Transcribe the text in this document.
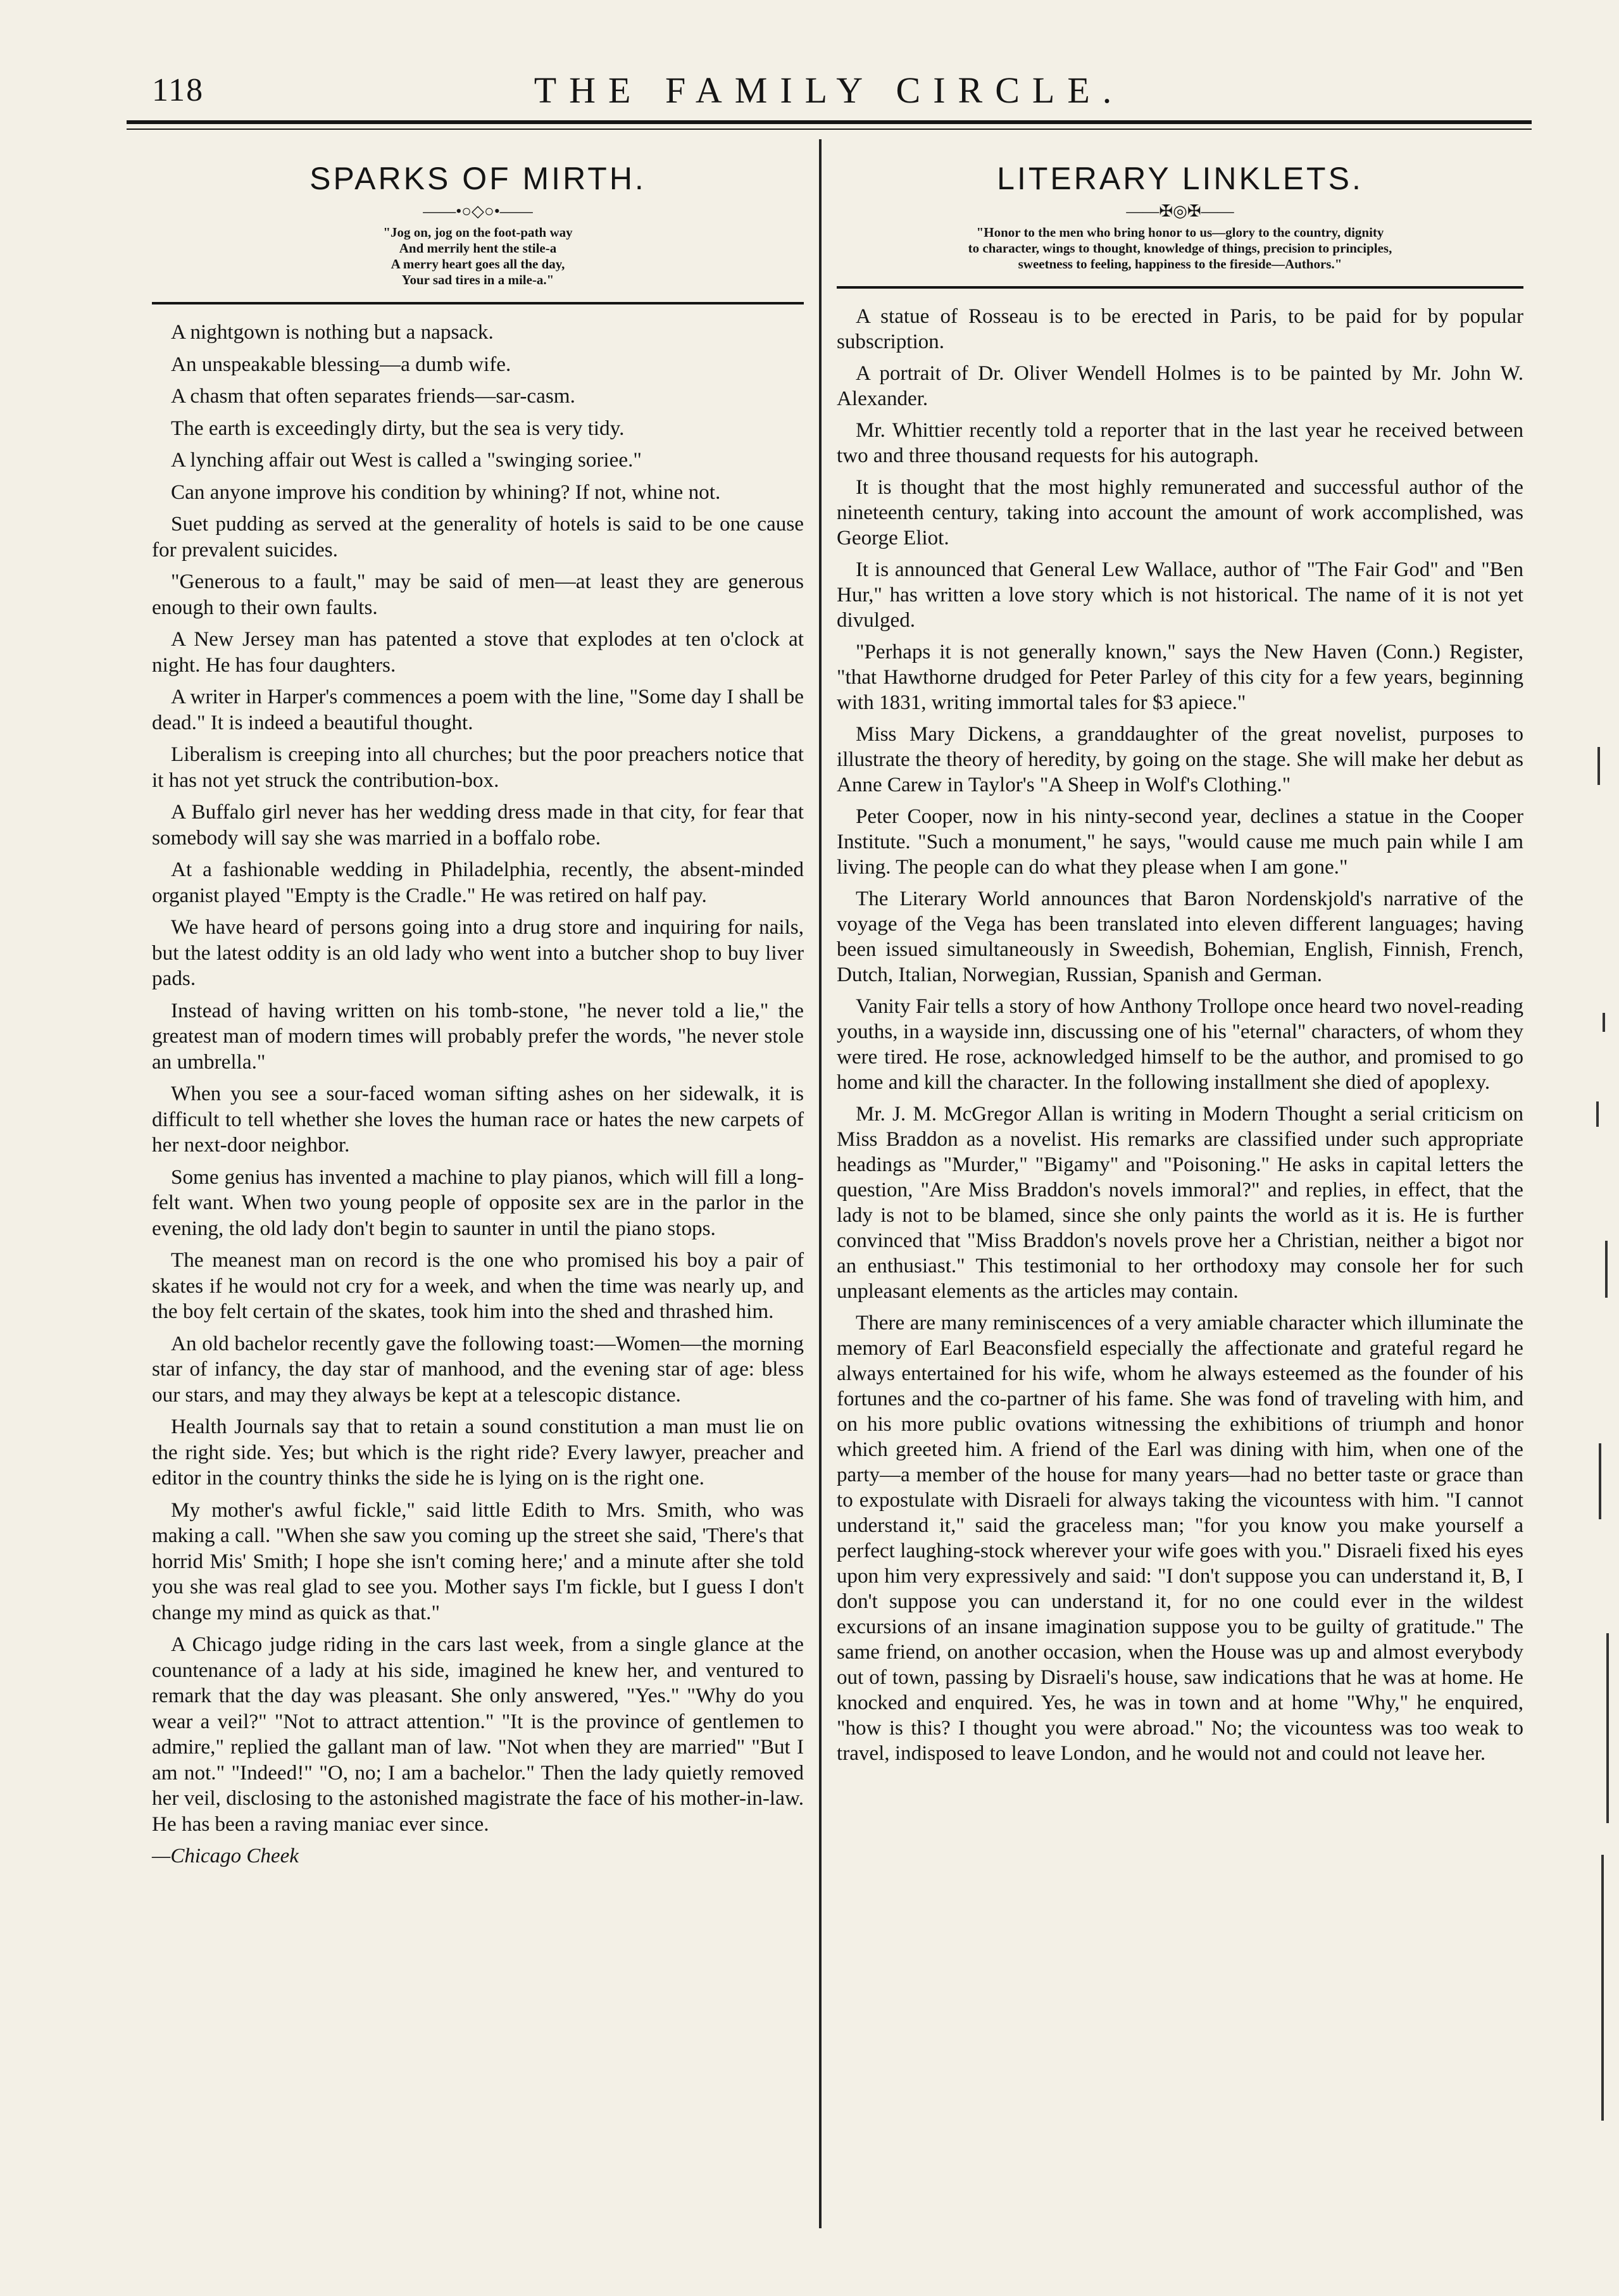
118	THE FAMILY CIRCLE.
SPARKS OF MIRTH.
——•○◇○•——
"Jog on, jog on the foot-path way
And merrily hent the stile-a
A merry heart goes all the day,
Your sad tires in a mile-a."

A nightgown is nothing but a napsack.

An unspeakable blessing—a dumb wife.

A chasm that often separates friends—sar-casm.

The earth is exceedingly dirty, but the sea is very tidy.

A lynching affair out West is called a "swinging soriee."

Can anyone improve his condition by whining? If not, whine not.

Suet pudding as served at the generality of hotels is said to be one cause for prevalent suicides.

"Generous to a fault," may be said of men—at least they are generous enough to their own faults.

A New Jersey man has patented a stove that explodes at ten o'clock at night. He has four daughters.

A writer in Harper's commences a poem with the line, "Some day I shall be dead." It is indeed a beautiful thought.

Liberalism is creeping into all churches; but the poor preachers notice that it has not yet struck the contribution-box.

A Buffalo girl never has her wedding dress made in that city, for fear that somebody will say she was married in a boffalo robe.

At a fashionable wedding in Philadelphia, recently, the absent-minded organist played "Empty is the Cradle." He was retired on half pay.

We have heard of persons going into a drug store and inquiring for nails, but the latest oddity is an old lady who went into a butcher shop to buy liver pads.

Instead of having written on his tomb-stone, "he never told a lie," the greatest man of modern times will probably prefer the words, "he never stole an umbrella."

When you see a sour-faced woman sifting ashes on her sidewalk, it is difficult to tell whether she loves the human race or hates the new carpets of her next-door neighbor.

Some genius has invented a machine to play pianos, which will fill a long-felt want. When two young people of opposite sex are in the parlor in the evening, the old lady don't begin to saunter in until the piano stops.

The meanest man on record is the one who promised his boy a pair of skates if he would not cry for a week, and when the time was nearly up, and the boy felt certain of the skates, took him into the shed and thrashed him.

An old bachelor recently gave the following toast:—Women—the morning star of infancy, the day star of manhood, and the evening star of age: bless our stars, and may they always be kept at a telescopic distance.

Health Journals say that to retain a sound constitution a man must lie on the right side. Yes; but which is the right ride? Every lawyer, preacher and editor in the country thinks the side he is lying on is the right one.

My mother's awful fickle," said little Edith to Mrs. Smith, who was making a call. "When she saw you coming up the street she said, 'There's that horrid Mis' Smith; I hope she isn't coming here;' and a minute after she told you she was real glad to see you. Mother says I'm fickle, but I guess I don't change my mind as quick as that."

A Chicago judge riding in the cars last week, from a single glance at the countenance of a lady at his side, imagined he knew her, and ventured to remark that the day was pleasant. She only answered, "Yes." "Why do you wear a veil?" "Not to attract attention." "It is the province of gentlemen to admire," replied the gallant man of law. "Not when they are married" "But I am not." "Indeed!" "O, no; I am a bachelor." Then the lady quietly removed her veil, disclosing to the astonished magistrate the face of his mother-in-law. He has been a raving maniac ever since.

—Chicago Cheek

LITERARY LINKLETS.
——✠◎✠——
"Honor to the men who bring honor to us—glory to the country, dignity
to character, wings to thought, knowledge of things, precision to principles,
sweetness to feeling, happiness to the fireside—Authors."

A statue of Rosseau is to be erected in Paris, to be paid for by popular subscription.

A portrait of Dr. Oliver Wendell Holmes is to be painted by Mr. John W. Alexander.

Mr. Whittier recently told a reporter that in the last year he received between two and three thousand requests for his autograph.

It is thought that the most highly remunerated and successful author of the nineteenth century, taking into account the amount of work accomplished, was George Eliot.

It is announced that General Lew Wallace, author of "The Fair God" and "Ben Hur," has written a love story which is not historical. The name of it is not yet divulged.

"Perhaps it is not generally known," says the New Haven (Conn.) Register, "that Hawthorne drudged for Peter Parley of this city for a few years, beginning with 1831, writing immortal tales for $3 apiece."

Miss Mary Dickens, a granddaughter of the great novelist, purposes to illustrate the theory of heredity, by going on the stage. She will make her debut as Anne Carew in Taylor's "A Sheep in Wolf's Clothing."

Peter Cooper, now in his ninty-second year, declines a statue in the Cooper Institute. "Such a monument," he says, "would cause me much pain while I am living. The people can do what they please when I am gone."

The Literary World announces that Baron Nordenskjold's narrative of the voyage of the Vega has been translated into eleven different languages; having been issued simultaneously in Sweedish, Bohemian, English, Finnish, French, Dutch, Italian, Norwegian, Russian, Spanish and German.

Vanity Fair tells a story of how Anthony Trollope once heard two novel-reading youths, in a wayside inn, discussing one of his "eternal" characters, of whom they were tired. He rose, acknowledged himself to be the author, and promised to go home and kill the character. In the following installment she died of apoplexy.

Mr. J. M. McGregor Allan is writing in Modern Thought a serial criticism on Miss Braddon as a novelist. His remarks are classified under such appropriate headings as "Murder," "Bigamy" and "Poisoning." He asks in capital letters the question, "Are Miss Braddon's novels immoral?" and replies, in effect, that the lady is not to be blamed, since she only paints the world as it is. He is further convinced that "Miss Braddon's novels prove her a Christian, neither a bigot nor an enthusiast." This testimonial to her orthodoxy may console her for such unpleasant elements as the articles may contain.

There are many reminiscences of a very amiable character which illuminate the memory of Earl Beaconsfield especially the affectionate and grateful regard he always entertained for his wife, whom he always esteemed as the founder of his fortunes and the co-partner of his fame. She was fond of traveling with him, and on his more public ovations witnessing the exhibitions of triumph and honor which greeted him. A friend of the Earl was dining with him, when one of the party—a member of the house for many years—had no better taste or grace than to expostulate with Disraeli for always taking the vicountess with him. "I cannot understand it," said the graceless man; "for you know you make yourself a perfect laughing-stock wherever your wife goes with you." Disraeli fixed his eyes upon him very expressively and said: "I don't suppose you can understand it, B, I don't suppose you can understand it, for no one could ever in the wildest excursions of an insane imagination suppose you to be guilty of gratitude." The same friend, on another occasion, when the House was up and almost everybody out of town, passing by Disraeli's house, saw indications that he was at home. He knocked and enquired. Yes, he was in town and at home "Why," he enquired, "how is this? I thought you were abroad." No; the vicountess was too weak to travel, indisposed to leave London, and he would not and could not leave her.
